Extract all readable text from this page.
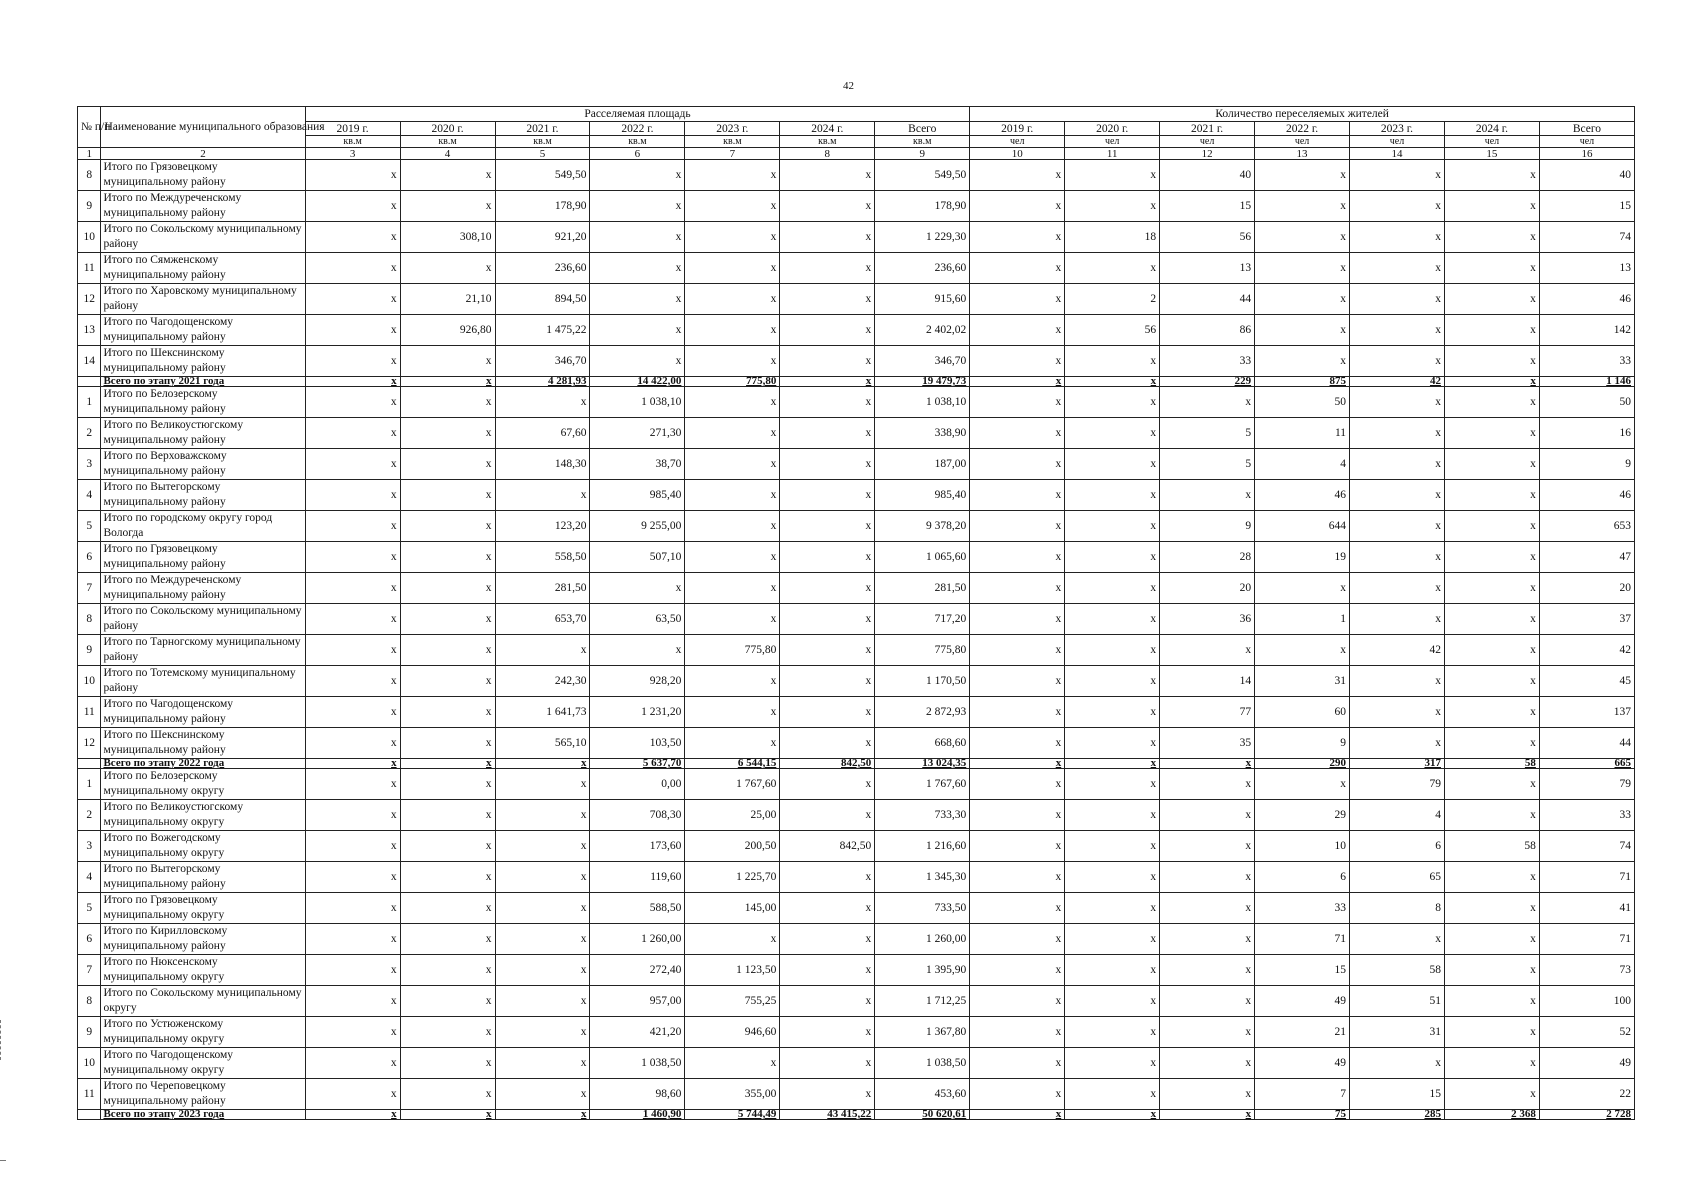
42
№ п/п	Наименование муниципального образования	Расселяемая площадь							Количество переселяемых жителей						
		2019 г.	2020 г.	2021 г.	2022 г.	2023 г.	2024 г.	Всего	2019 г.	2020 г.	2021 г.	2022 г.	2023 г.	2024 г.	Всего
		кв.м	кв.м	кв.м	кв.м	кв.м	кв.м	кв.м	чел	чел	чел	чел	чел	чел	чел
1	2	3	4	5	6	7	8	9	10	11	12	13	14	15	16
8	Итого по Грязовецкому муниципальному району	x	x	549,50	x	x	x	549,50	x	x	40	x	x	x	40
9	Итого по Междуреченскому муниципальному району	x	x	178,90	x	x	x	178,90	x	x	15	x	x	x	15
10	Итого по Сокольскому муниципальному району	x	308,10	921,20	x	x	x	1 229,30	x	18	56	x	x	x	74
11	Итого по Сямженскому муниципальному району	x	x	236,60	x	x	x	236,60	x	x	13	x	x	x	13
12	Итого по Харовскому муниципальному району	x	21,10	894,50	x	x	x	915,60	x	2	44	x	x	x	46
13	Итого по Чагодощенскому муниципальному району	x	926,80	1 475,22	x	x	x	2 402,02	x	56	86	x	x	x	142
14	Итого по Шекснинскому муниципальному району	x	x	346,70	x	x	x	346,70	x	x	33	x	x	x	33
	Всего по этапу 2021 года	x	x	4 281,93	14 422,00	775,80	x	19 479,73	x	x	229	875	42	x	1 146
1	Итого по Белозерскому муниципальному району	x	x	x	1 038,10	x	x	1 038,10	x	x	x	50	x	x	50
2	Итого по Великоустюгскому муниципальному району	x	x	67,60	271,30	x	x	338,90	x	x	5	11	x	x	16
3	Итого по Верховажскому муниципальному району	x	x	148,30	38,70	x	x	187,00	x	x	5	4	x	x	9
4	Итого по Вытегорскому муниципальному району	x	x	x	985,40	x	x	985,40	x	x	x	46	x	x	46
5	Итого по городскому округу город Вологда	x	x	123,20	9 255,00	x	x	9 378,20	x	x	9	644	x	x	653
6	Итого по Грязовецкому муниципальному району	x	x	558,50	507,10	x	x	1 065,60	x	x	28	19	x	x	47
7	Итого по Междуреченскому муниципальному району	x	x	281,50	x	x	x	281,50	x	x	20	x	x	x	20
8	Итого по Сокольскому муниципальному району	x	x	653,70	63,50	x	x	717,20	x	x	36	1	x	x	37
9	Итого по Тарногскому муниципальному району	x	x	x	x	775,80	x	775,80	x	x	x	x	42	x	42
10	Итого по Тотемскому муниципальному району	x	x	242,30	928,20	x	x	1 170,50	x	x	14	31	x	x	45
11	Итого по Чагодощенскому муниципальному району	x	x	1 641,73	1 231,20	x	x	2 872,93	x	x	77	60	x	x	137
12	Итого по Шекснинскому муниципальному району	x	x	565,10	103,50	x	x	668,60	x	x	35	9	x	x	44
	Всего по этапу 2022 года	x	x	x	5 637,70	6 544,15	842,50	13 024,35	x	x	x	290	317	58	665
1	Итого по Белозерскому муниципальному округу	x	x	x	0,00	1 767,60	x	1 767,60	x	x	x	x	79	x	79
2	Итого по Великоустюгскому муниципальному округу	x	x	x	708,30	25,00	x	733,30	x	x	x	29	4	x	33
3	Итого по Вожегодскому муниципальному округу	x	x	x	173,60	200,50	842,50	1 216,60	x	x	x	10	6	58	74
4	Итого по Вытегорскому муниципальному району	x	x	x	119,60	1 225,70	x	1 345,30	x	x	x	6	65	x	71
5	Итого по Грязовецкому муниципальному округу	x	x	x	588,50	145,00	x	733,50	x	x	x	33	8	x	41
6	Итого по Кирилловскому муниципальному району	x	x	x	1 260,00	x	x	1 260,00	x	x	x	71	x	x	71
7	Итого по Нюксенскому муниципальному округу	x	x	x	272,40	1 123,50	x	1 395,90	x	x	x	15	58	x	73
8	Итого по Сокольскому муниципальному округу	x	x	x	957,00	755,25	x	1 712,25	x	x	x	49	51	x	100
9	Итого по Устюженскому муниципальному округу	x	x	x	421,20	946,60	x	1 367,80	x	x	x	21	31	x	52
10	Итого по Чагодощенскому муниципальному округу	x	x	x	1 038,50	x	x	1 038,50	x	x	x	49	x	x	49
11	Итого по Череповецкому муниципальному району	x	x	x	98,60	355,00	x	453,60	x	x	x	7	15	x	22
	Всего по этапу 2023 года	x	x	x	1 460,90	5 744,49	43 415,22	50 620,61	x	x	x	75	285	2 368	2 728
